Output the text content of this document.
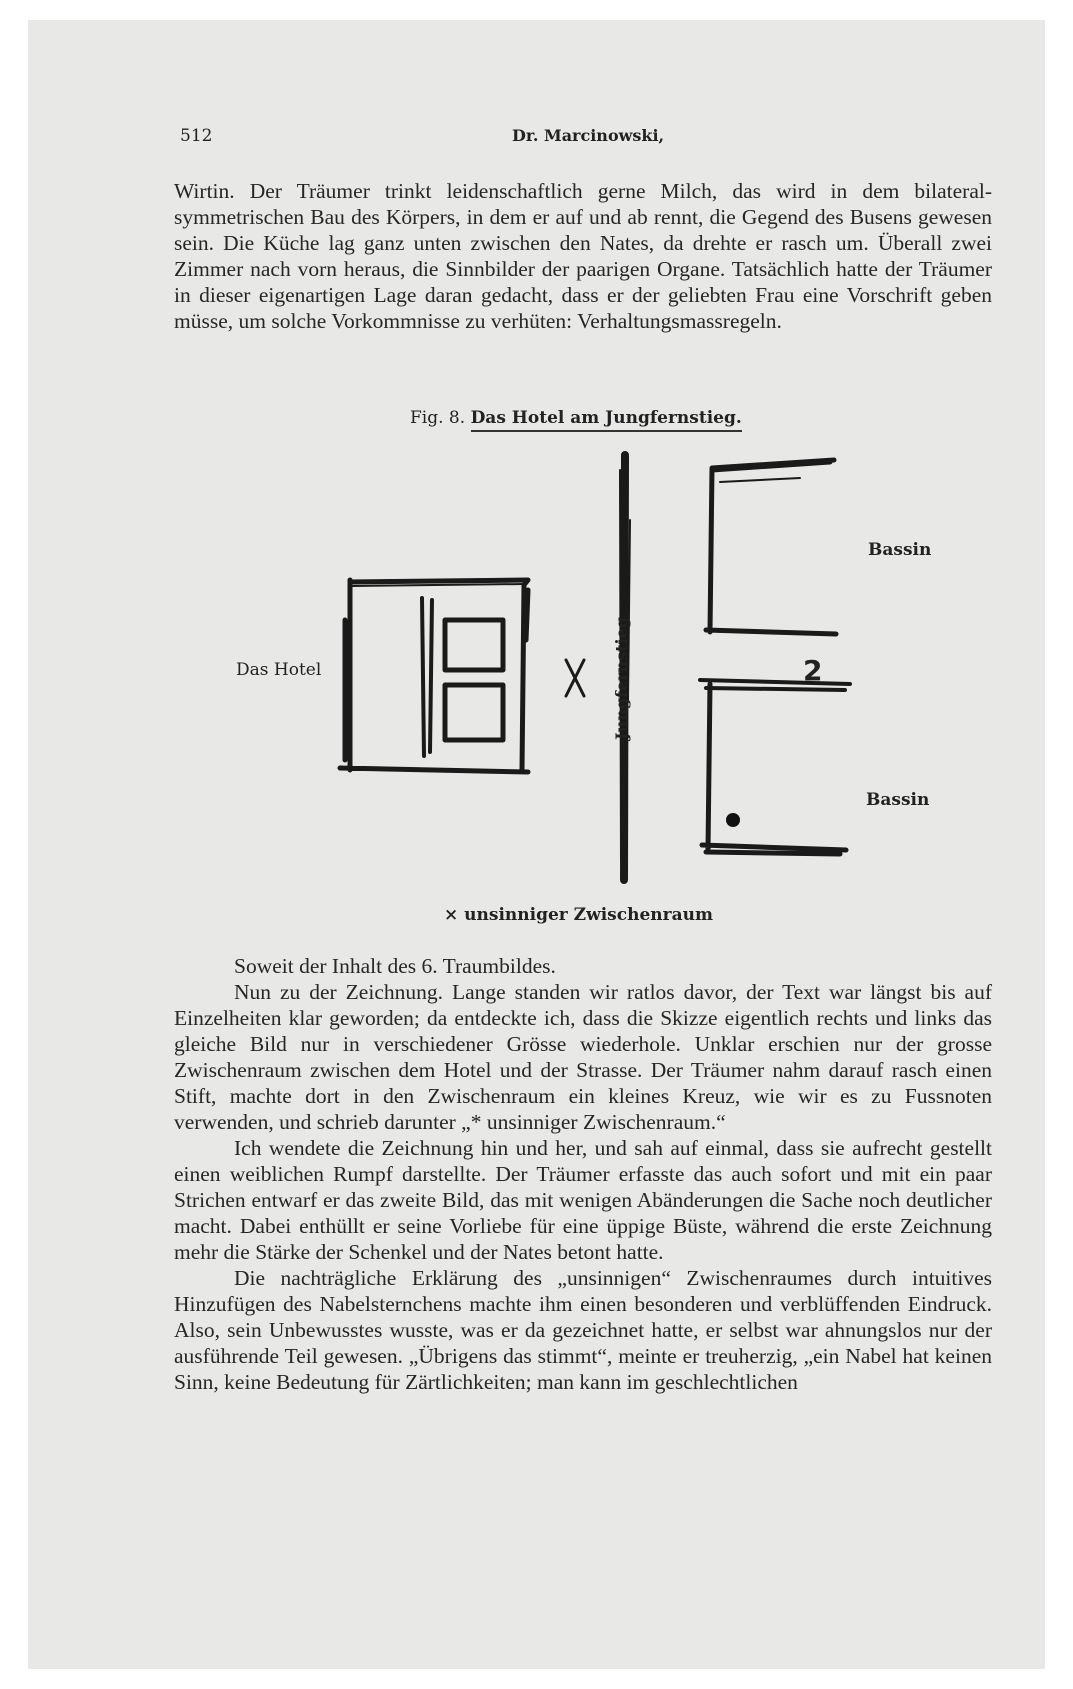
512	Dr. Marcinowski,

Wirtin. Der Träumer trinkt leidenschaftlich gerne Milch, das wird in dem bilateral-symmetrischen Bau des Körpers, in dem er auf und ab rennt, die Gegend des Busens gewesen sein. Die Küche lag ganz unten zwischen den Nates, da drehte er rasch um. Überall zwei Zimmer nach vorn heraus, die Sinnbilder der paarigen Organe. Tatsächlich hatte der Träumer in dieser eigenartigen Lage daran gedacht, dass er der geliebten Frau eine Vorschrift geben müsse, um solche Vorkommnisse zu verhüten: Verhaltungsmassregeln.

Fig. 8. Das Hotel am Jungfernstieg.
Das Hotel
Bassin
Bassin
2
Jungfernstieg
× unsinniger Zwischenraum

Soweit der Inhalt des 6. Traumbildes.

Nun zu der Zeichnung. Lange standen wir ratlos davor, der Text war längst bis auf Einzelheiten klar geworden; da entdeckte ich, dass die Skizze eigentlich rechts und links das gleiche Bild nur in verschiedener Grösse wiederhole. Unklar erschien nur der grosse Zwischenraum zwischen dem Hotel und der Strasse. Der Träumer nahm darauf rasch einen Stift, machte dort in den Zwischenraum ein kleines Kreuz, wie wir es zu Fussnoten verwenden, und schrieb darunter „* unsinniger Zwischenraum.“

Ich wendete die Zeichnung hin und her, und sah auf einmal, dass sie aufrecht gestellt einen weiblichen Rumpf darstellte. Der Träumer erfasste das auch sofort und mit ein paar Strichen entwarf er das zweite Bild, das mit wenigen Abänderungen die Sache noch deutlicher macht. Dabei enthüllt er seine Vorliebe für eine üppige Büste, während die erste Zeichnung mehr die Stärke der Schenkel und der Nates betont hatte.

Die nachträgliche Erklärung des „unsinnigen“ Zwischenraumes durch intuitives Hinzufügen des Nabelsternchens machte ihm einen besonderen und verblüffenden Eindruck. Also, sein Unbewusstes wusste, was er da gezeichnet hatte, er selbst war ahnungslos nur der ausführende Teil gewesen. „Übrigens das stimmt“, meinte er treuherzig, „ein Nabel hat keinen Sinn, keine Bedeutung für Zärtlichkeiten; man kann im geschlechtlichen
